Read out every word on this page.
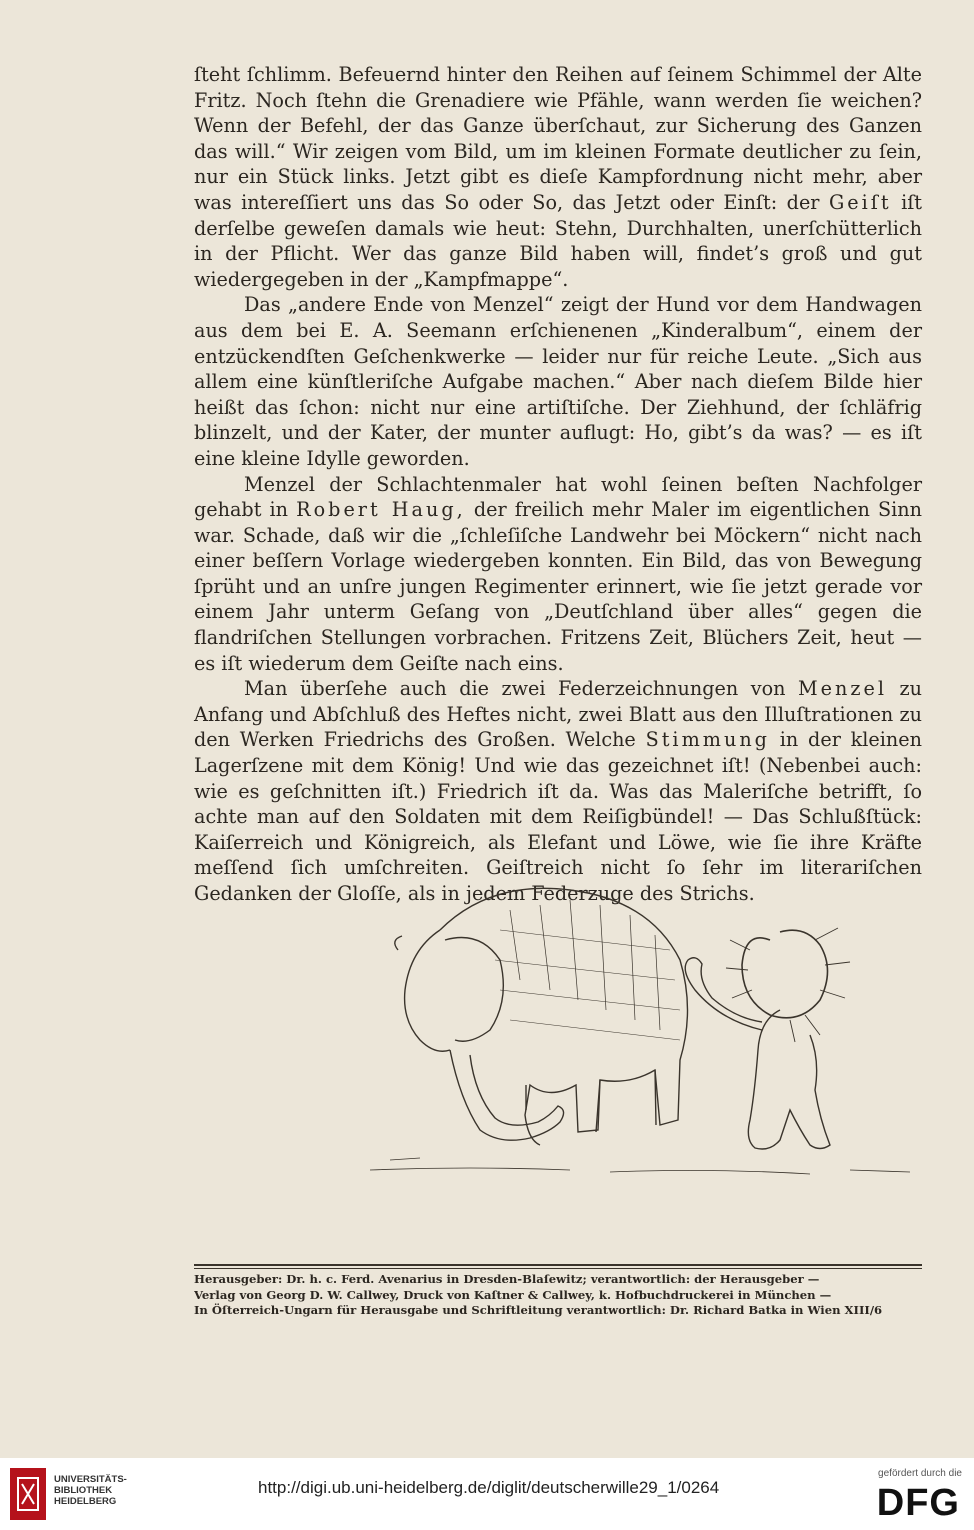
ſteht ſchlimm. Befeuernd hinter den Reihen auf ſeinem Schimmel der Alte Fritz. Noch ſtehn die Grenadiere wie Pfähle, wann werden ſie weichen? Wenn der Befehl, der das Ganze überſchaut, zur Sicherung des Ganzen das will.“ Wir zeigen vom Bild, um im kleinen Formate deutlicher zu ſein, nur ein Stück links. Jetzt gibt es dieſe Kampfordnung nicht mehr, aber was intereſſiert uns das So oder So, das Jetzt oder Einſt: der Geiſt iſt derſelbe geweſen damals wie heut: Stehn, Durchhalten, unerſchütterlich in der Pflicht. Wer das ganze Bild haben will, findet’s groß und gut wiedergegeben in der „Kampfmappe“.

Das „andere Ende von Menzel“ zeigt der Hund vor dem Handwagen aus dem bei E. A. Seemann erſchienenen „Kinderalbum“, einem der entzückendſten Geſchenkwerke — leider nur für reiche Leute. „Sich aus allem eine künſtleriſche Aufgabe machen.“ Aber nach dieſem Bilde hier heißt das ſchon: nicht nur eine artiſtiſche. Der Ziehhund, der ſchläfrig blinzelt, und der Kater, der munter auflugt: Ho, gibt’s da was? — es iſt eine kleine Idylle geworden.

Menzel der Schlachtenmaler hat wohl ſeinen beſten Nachfolger gehabt in Robert Haug, der freilich mehr Maler im eigentlichen Sinn war. Schade, daß wir die „ſchleſiſche Landwehr bei Möckern“ nicht nach einer beſſern Vorlage wiedergeben konnten. Ein Bild, das von Bewegung ſprüht und an unſre jungen Regimenter erinnert, wie ſie jetzt gerade vor einem Jahr unterm Geſang von „Deutſchland über alles“ gegen die flandriſchen Stellungen vorbrachen. Fritzens Zeit, Blüchers Zeit, heut — es iſt wiederum dem Geiſte nach eins.

Man überſehe auch die zwei Federzeichnungen von Menzel zu Anfang und Abſchluß des Heftes nicht, zwei Blatt aus den Illuſtrationen zu den Werken Friedrichs des Großen. Welche Stimmung in der kleinen Lagerſzene mit dem König! Und wie das gezeichnet iſt! (Nebenbei auch: wie es geſchnitten iſt.) Friedrich iſt da. Was das Maleriſche betrifft, ſo achte man auf den Soldaten mit dem Reiſigbündel! — Das Schlußſtück: Kaiſerreich und Königreich, als Elefant und Löwe, wie ſie ihre Kräfte meſſend ſich umſchreiten. Geiſtreich nicht ſo ſehr im literariſchen Gedanken der Gloſſe, als in jedem Federzuge des Strichs.

Herausgeber: Dr. h. c. Ferd. Avenarius in Dresden-Blaſewitz; verantwortlich: der Herausgeber —
Verlag von Georg D. W. Callwey, Druck von Kaſtner & Callwey, k. Hofbuchdruckerei in München —
In Öſterreich-Ungarn für Herausgabe und Schriftleitung verantwortlich: Dr. Richard Batka in Wien XIII/6
UNIVERSITÄTS-
BIBLIOTHEK
HEIDELBERG
http://digi.ub.uni-heidelberg.de/diglit/deutscherwille29_1/0264
gefördert durch die
DFG
